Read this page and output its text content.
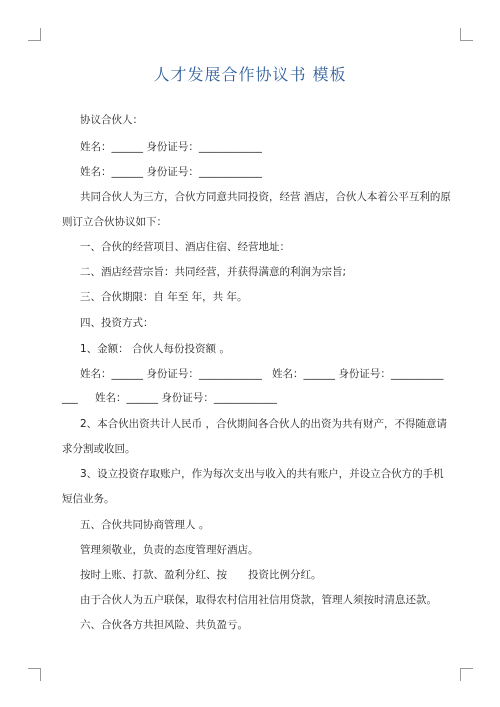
人才发展合作协议书 模板
协议合伙人：
姓名：______ 身份证号：____________
姓名：______ 身份证号：____________
共同合伙人为三方，合伙方同意共同投资，经营 酒店，合伙人本着公平互利的原
则订立合伙协议如下：
一、合伙的经营项目、酒店住宿、经营地址：
二、酒店经营宗旨：共同经营，并获得满意的利润为宗旨;
三、合伙期限：自 年至 年，共 年。
四、投资方式：
1、金额： 合伙人每份投资额 。
姓名：______ 身份证号：____________ 姓名：______ 身份证号：__________
___ 姓名：______ 身份证号：____________
2、本合伙出资共计人民币 ，合伙期间各合伙人的出资为共有财产，不得随意请
求分割或收回。
3、设立投资存取账户，作为每次支出与收入的共有账户，并设立合伙方的手机
短信业务。
五、合伙共同协商管理人 。
管理须敬业，负责的态度管理好酒店。
按时上账、打款、盈利分红、按　　投资比例分红。
由于合伙人为五户联保，取得农村信用社信用贷款，管理人须按时清息还款。
六、合伙各方共担风险、共负盈亏。
